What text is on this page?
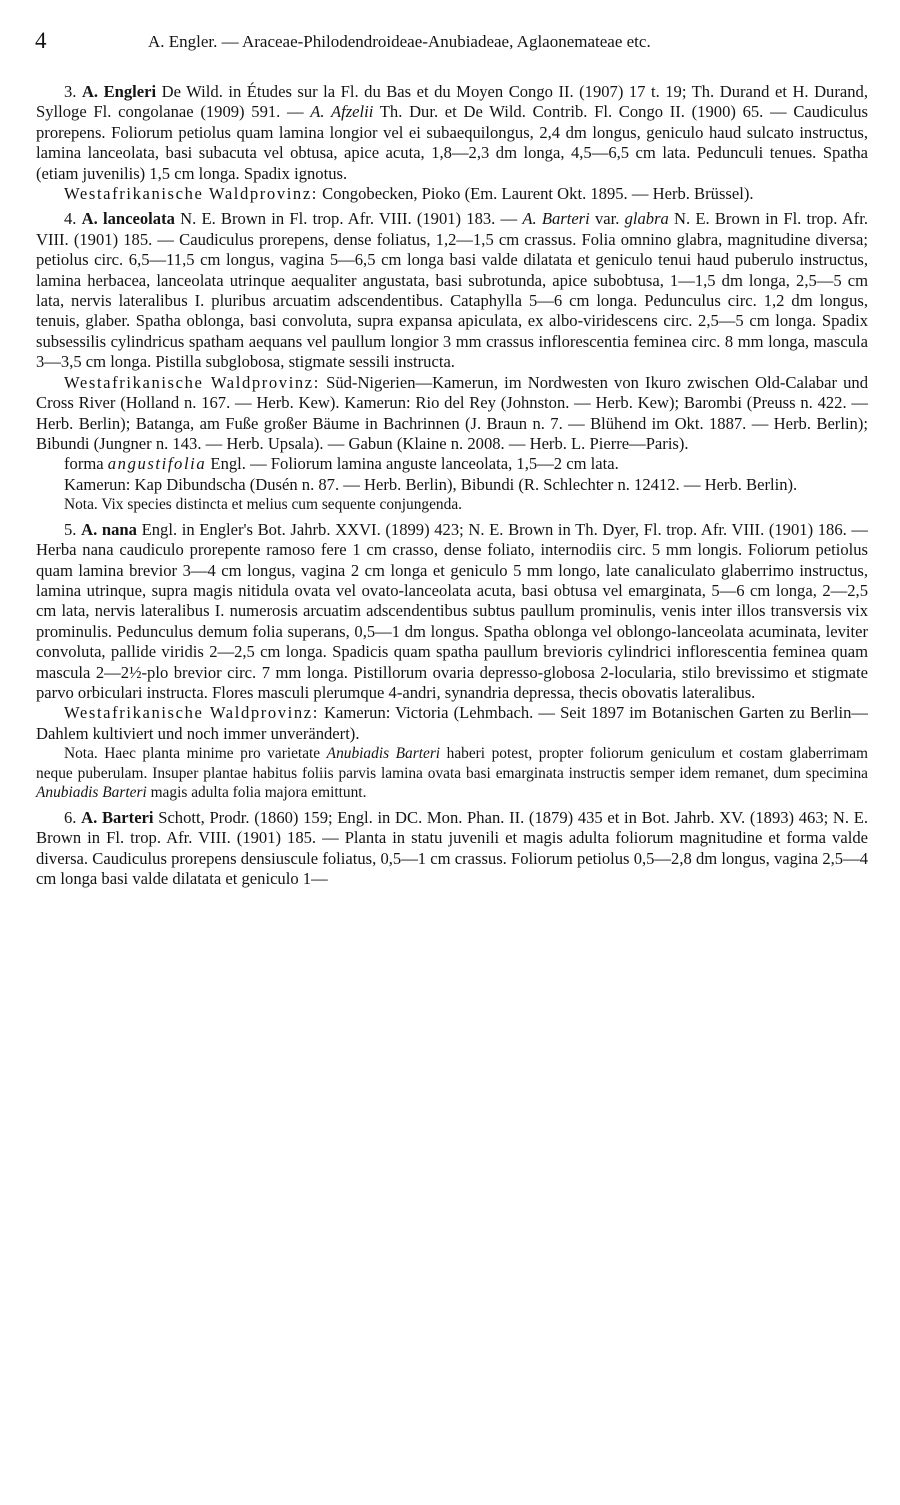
4	A. Engler. — Araceae-Philodendroideae-Anubiadeae, Aglaonemateae etc.

3. A. Engleri De Wild. in Études sur la Fl. du Bas et du Moyen Congo II. (1907) 17 t. 19; Th. Durand et H. Durand, Sylloge Fl. congolanae (1909) 591. — A. Afzelii Th. Dur. et De Wild. Contrib. Fl. Congo II. (1900) 65. — Caudiculus prorepens. Foliorum petiolus quam lamina longior vel ei subaequilongus, 2,4 dm longus, geniculo haud sulcato instructus, lamina lanceolata, basi subacuta vel obtusa, apice acuta, 1,8—2,3 dm longa, 4,5—6,5 cm lata. Pedunculi tenues. Spatha (etiam juvenilis) 1,5 cm longa. Spadix ignotus.

Westafrikanische Waldprovinz: Congobecken, Pioko (Em. Laurent Okt. 1895. — Herb. Brüssel).

4. A. lanceolata N. E. Brown in Fl. trop. Afr. VIII. (1901) 183. — A. Barteri var. glabra N. E. Brown in Fl. trop. Afr. VIII. (1901) 185. — Caudiculus prorepens, dense foliatus, 1,2—1,5 cm crassus. Folia omnino glabra, magnitudine diversa; petiolus circ. 6,5—11,5 cm longus, vagina 5—6,5 cm longa basi valde dilatata et geniculo tenui haud puberulo instructus, lamina herbacea, lanceolata utrinque aequaliter angustata, basi subrotunda, apice subobtusa, 1—1,5 dm longa, 2,5—5 cm lata, nervis lateralibus I. pluribus arcuatim adscendentibus. Cataphylla 5—6 cm longa. Pedunculus circ. 1,2 dm longus, tenuis, glaber. Spatha oblonga, basi convoluta, supra expansa apiculata, ex albo-viridescens circ. 2,5—5 cm longa. Spadix subsessilis cylindricus spatham aequans vel paullum longior 3 mm crassus inflorescentia feminea circ. 8 mm longa, mascula 3—3,5 cm longa. Pistilla subglobosa, stigmate sessili instructa.

Westafrikanische Waldprovinz: Süd-Nigerien—Kamerun, im Nordwesten von Ikuro zwischen Old-Calabar und Cross River (Holland n. 167. — Herb. Kew). Kamerun: Rio del Rey (Johnston. — Herb. Kew); Barombi (Preuss n. 422. — Herb. Berlin); Batanga, am Fuße großer Bäume in Bachrinnen (J. Braun n. 7. — Blühend im Okt. 1887. — Herb. Berlin); Bibundi (Jungner n. 143. — Herb. Upsala). — Gabun (Klaine n. 2008. — Herb. L. Pierre—Paris).

forma angustifolia Engl. — Foliorum lamina anguste lanceolata, 1,5—2 cm lata.

Kamerun: Kap Dibundscha (Dusén n. 87. — Herb. Berlin), Bibundi (R. Schlechter n. 12412. — Herb. Berlin).

Nota. Vix species distincta et melius cum sequente conjungenda.

5. A. nana Engl. in Engler's Bot. Jahrb. XXVI. (1899) 423; N. E. Brown in Th. Dyer, Fl. trop. Afr. VIII. (1901) 186. — Herba nana caudiculo prorepente ramoso fere 1 cm crasso, dense foliato, internodiis circ. 5 mm longis. Foliorum petiolus quam lamina brevior 3—4 cm longus, vagina 2 cm longa et geniculo 5 mm longo, late canaliculato glaberrimo instructus, lamina utrinque, supra magis nitidula ovata vel ovato-lanceolata acuta, basi obtusa vel emarginata, 5—6 cm longa, 2—2,5 cm lata, nervis lateralibus I. numerosis arcuatim adscendentibus subtus paullum prominulis, venis inter illos transversis vix prominulis. Pedunculus demum folia superans, 0,5—1 dm longus. Spatha oblonga vel oblongo-lanceolata acuminata, leviter convoluta, pallide viridis 2—2,5 cm longa. Spadicis quam spatha paullum brevioris cylindrici inflorescentia feminea quam mascula 2—2½-plo brevior circ. 7 mm longa. Pistillorum ovaria depresso-globosa 2-locularia, stilo brevissimo et stigmate parvo orbiculari instructa. Flores masculi plerumque 4-andri, synandria depressa, thecis obovatis lateralibus.

Westafrikanische Waldprovinz: Kamerun: Victoria (Lehmbach. — Seit 1897 im Botanischen Garten zu Berlin—Dahlem kultiviert und noch immer unverändert).

Nota. Haec planta minime pro varietate Anubiadis Barteri haberi potest, propter foliorum geniculum et costam glaberrimam neque puberulam. Insuper plantae habitus foliis parvis lamina ovata basi emarginata instructis semper idem remanet, dum specimina Anubiadis Barteri magis adulta folia majora emittunt.

6. A. Barteri Schott, Prodr. (1860) 159; Engl. in DC. Mon. Phan. II. (1879) 435 et in Bot. Jahrb. XV. (1893) 463; N. E. Brown in Fl. trop. Afr. VIII. (1901) 185. — Planta in statu juvenili et magis adulta foliorum magnitudine et forma valde diversa. Caudiculus prorepens densiuscule foliatus, 0,5—1 cm crassus. Foliorum petiolus 0,5—2,8 dm longus, vagina 2,5—4 cm longa basi valde dilatata et geniculo 1—
